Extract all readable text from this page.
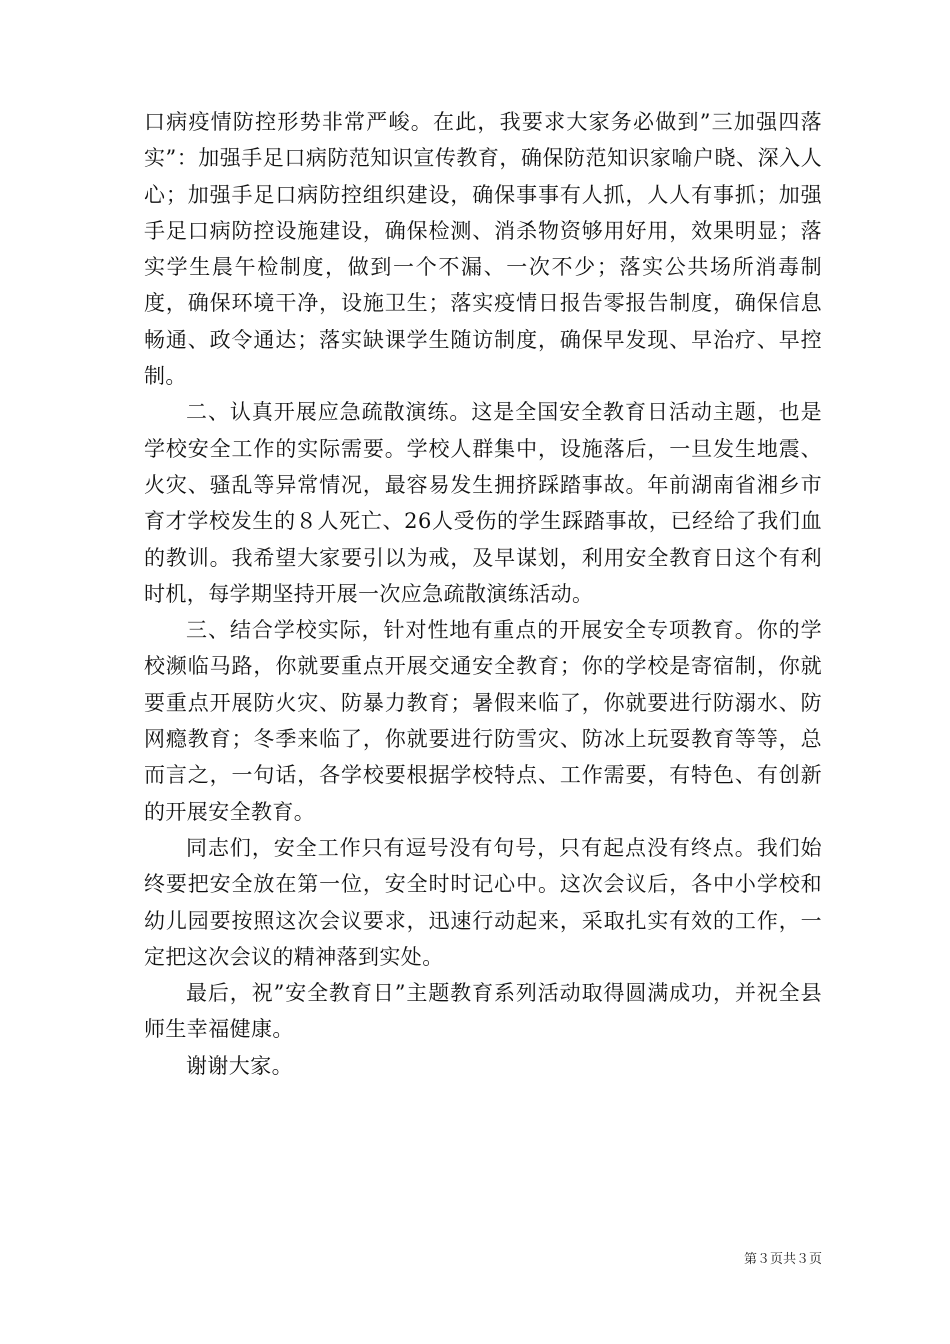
口病疫情防控形势非常严峻。在此，我要求大家务必做到”三加强四落实”：加强手足口病防范知识宣传教育，确保防范知识家喻户晓、深入人心；加强手足口病防控组织建设，确保事事有人抓，人人有事抓；加强手足口病防控设施建设，确保检测、消杀物资够用好用，效果明显；落实学生晨午检制度，做到一个不漏、一次不少；落实公共场所消毒制度，确保环境干净，设施卫生；落实疫情日报告零报告制度，确保信息畅通、政令通达；落实缺课学生随访制度，确保早发现、早治疗、早控制。

二、认真开展应急疏散演练。这是全国安全教育日活动主题，也是学校安全工作的实际需要。学校人群集中，设施落后，一旦发生地震、火灾、骚乱等异常情况，最容易发生拥挤踩踏事故。年前湖南省湘乡市育才学校发生的８人死亡、26人受伤的学生踩踏事故，已经给了我们血的教训。我希望大家要引以为戒，及早谋划，利用安全教育日这个有利时机，每学期坚持开展一次应急疏散演练活动。

三、结合学校实际，针对性地有重点的开展安全专项教育。你的学校濒临马路，你就要重点开展交通安全教育；你的学校是寄宿制，你就要重点开展防火灾、防暴力教育；暑假来临了，你就要进行防溺水、防网瘾教育；冬季来临了，你就要进行防雪灾、防冰上玩耍教育等等，总而言之，一句话，各学校要根据学校特点、工作需要，有特色、有创新的开展安全教育。

同志们，安全工作只有逗号没有句号，只有起点没有终点。我们始终要把安全放在第一位，安全时时记心中。这次会议后，各中小学校和幼儿园要按照这次会议要求，迅速行动起来，采取扎实有效的工作，一定把这次会议的精神落到实处。

最后，祝”安全教育日”主题教育系列活动取得圆满成功，并祝全县师生幸福健康。

谢谢大家。

第３页共３页
